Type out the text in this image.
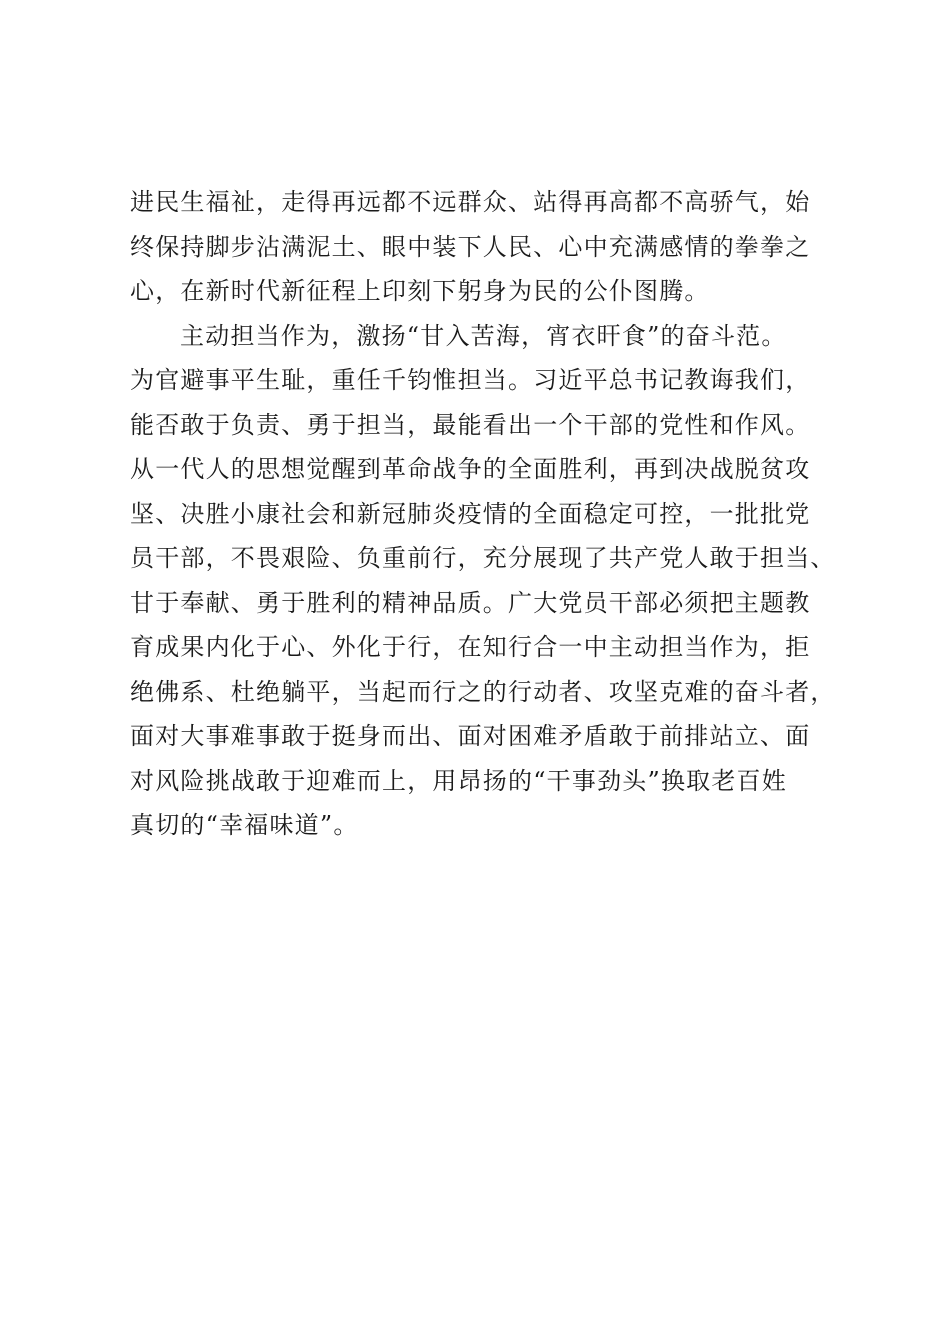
进民生福祉，走得再远都不远群众、站得再高都不高骄气，始
终保持脚步沾满泥土、眼中装下人民、心中充满感情的拳拳之
心，在新时代新征程上印刻下躬身为民的公仆图腾。
主动担当作为，激扬“甘入苦海，宵衣旰食”的奋斗范。
为官避事平生耻，重任千钧惟担当。习近平总书记教诲我们，
能否敢于负责、勇于担当，最能看出一个干部的党性和作风。
从一代人的思想觉醒到革命战争的全面胜利，再到决战脱贫攻
坚、决胜小康社会和新冠肺炎疫情的全面稳定可控，一批批党
员干部，不畏艰险、负重前行，充分展现了共产党人敢于担当、
甘于奉献、勇于胜利的精神品质。广大党员干部必须把主题教
育成果内化于心、外化于行，在知行合一中主动担当作为，拒
绝佛系、杜绝躺平，当起而行之的行动者、攻坚克难的奋斗者，
面对大事难事敢于挺身而出、面对困难矛盾敢于前排站立、面
对风险挑战敢于迎难而上，用昂扬的“干事劲头”换取老百姓
真切的“幸福味道”。
